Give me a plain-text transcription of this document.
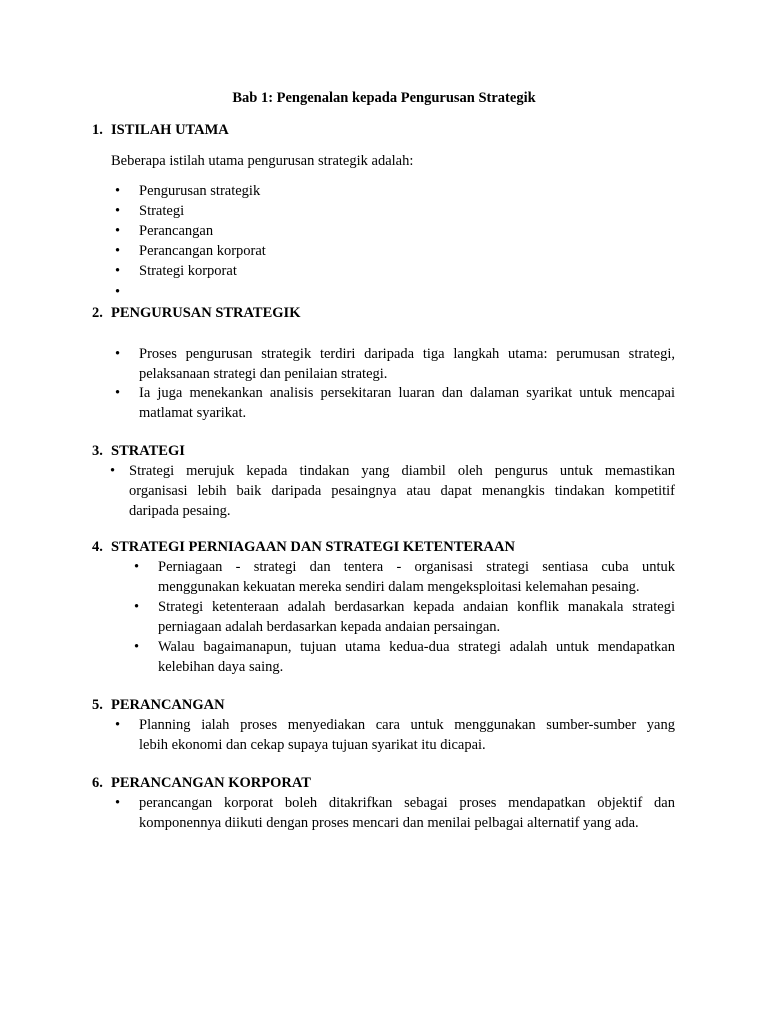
Bab 1: Pengenalan kepada Pengurusan Strategik
1. ISTILAH UTAMA
Beberapa istilah utama pengurusan strategik adalah:
• Pengurusan strategik
• Strategi
• Perancangan
• Perancangan korporat
• Strategi korporat
•
2. PENGURUSAN STRATEGIK
• Proses pengurusan strategik terdiri daripada tiga langkah utama: perumusan strategi,
pelaksanaan strategi dan penilaian strategi.
• Ia juga menekankan analisis persekitaran luaran dan dalaman syarikat untuk mencapai
matlamat syarikat.
3. STRATEGI
• Strategi merujuk kepada tindakan yang diambil oleh pengurus untuk memastikan
organisasi lebih baik daripada pesaingnya atau dapat menangkis tindakan kompetitif
daripada pesaing.
4. STRATEGI PERNIAGAAN DAN STRATEGI KETENTERAAN
• Perniagaan - strategi dan tentera - organisasi strategi sentiasa cuba untuk
menggunakan kekuatan mereka sendiri dalam mengeksploitasi kelemahan pesaing.
• Strategi ketenteraan adalah berdasarkan kepada andaian konflik manakala strategi
perniagaan adalah berdasarkan kepada andaian persaingan.
• Walau bagaimanapun, tujuan utama kedua-dua strategi adalah untuk mendapatkan
kelebihan daya saing.
5. PERANCANGAN
• Planning ialah proses menyediakan cara untuk menggunakan sumber-sumber yang
lebih ekonomi dan cekap supaya tujuan syarikat itu dicapai.
6. PERANCANGAN KORPORAT
• perancangan korporat boleh ditakrifkan sebagai proses mendapatkan objektif dan
komponennya diikuti dengan proses mencari dan menilai pelbagai alternatif yang ada.
